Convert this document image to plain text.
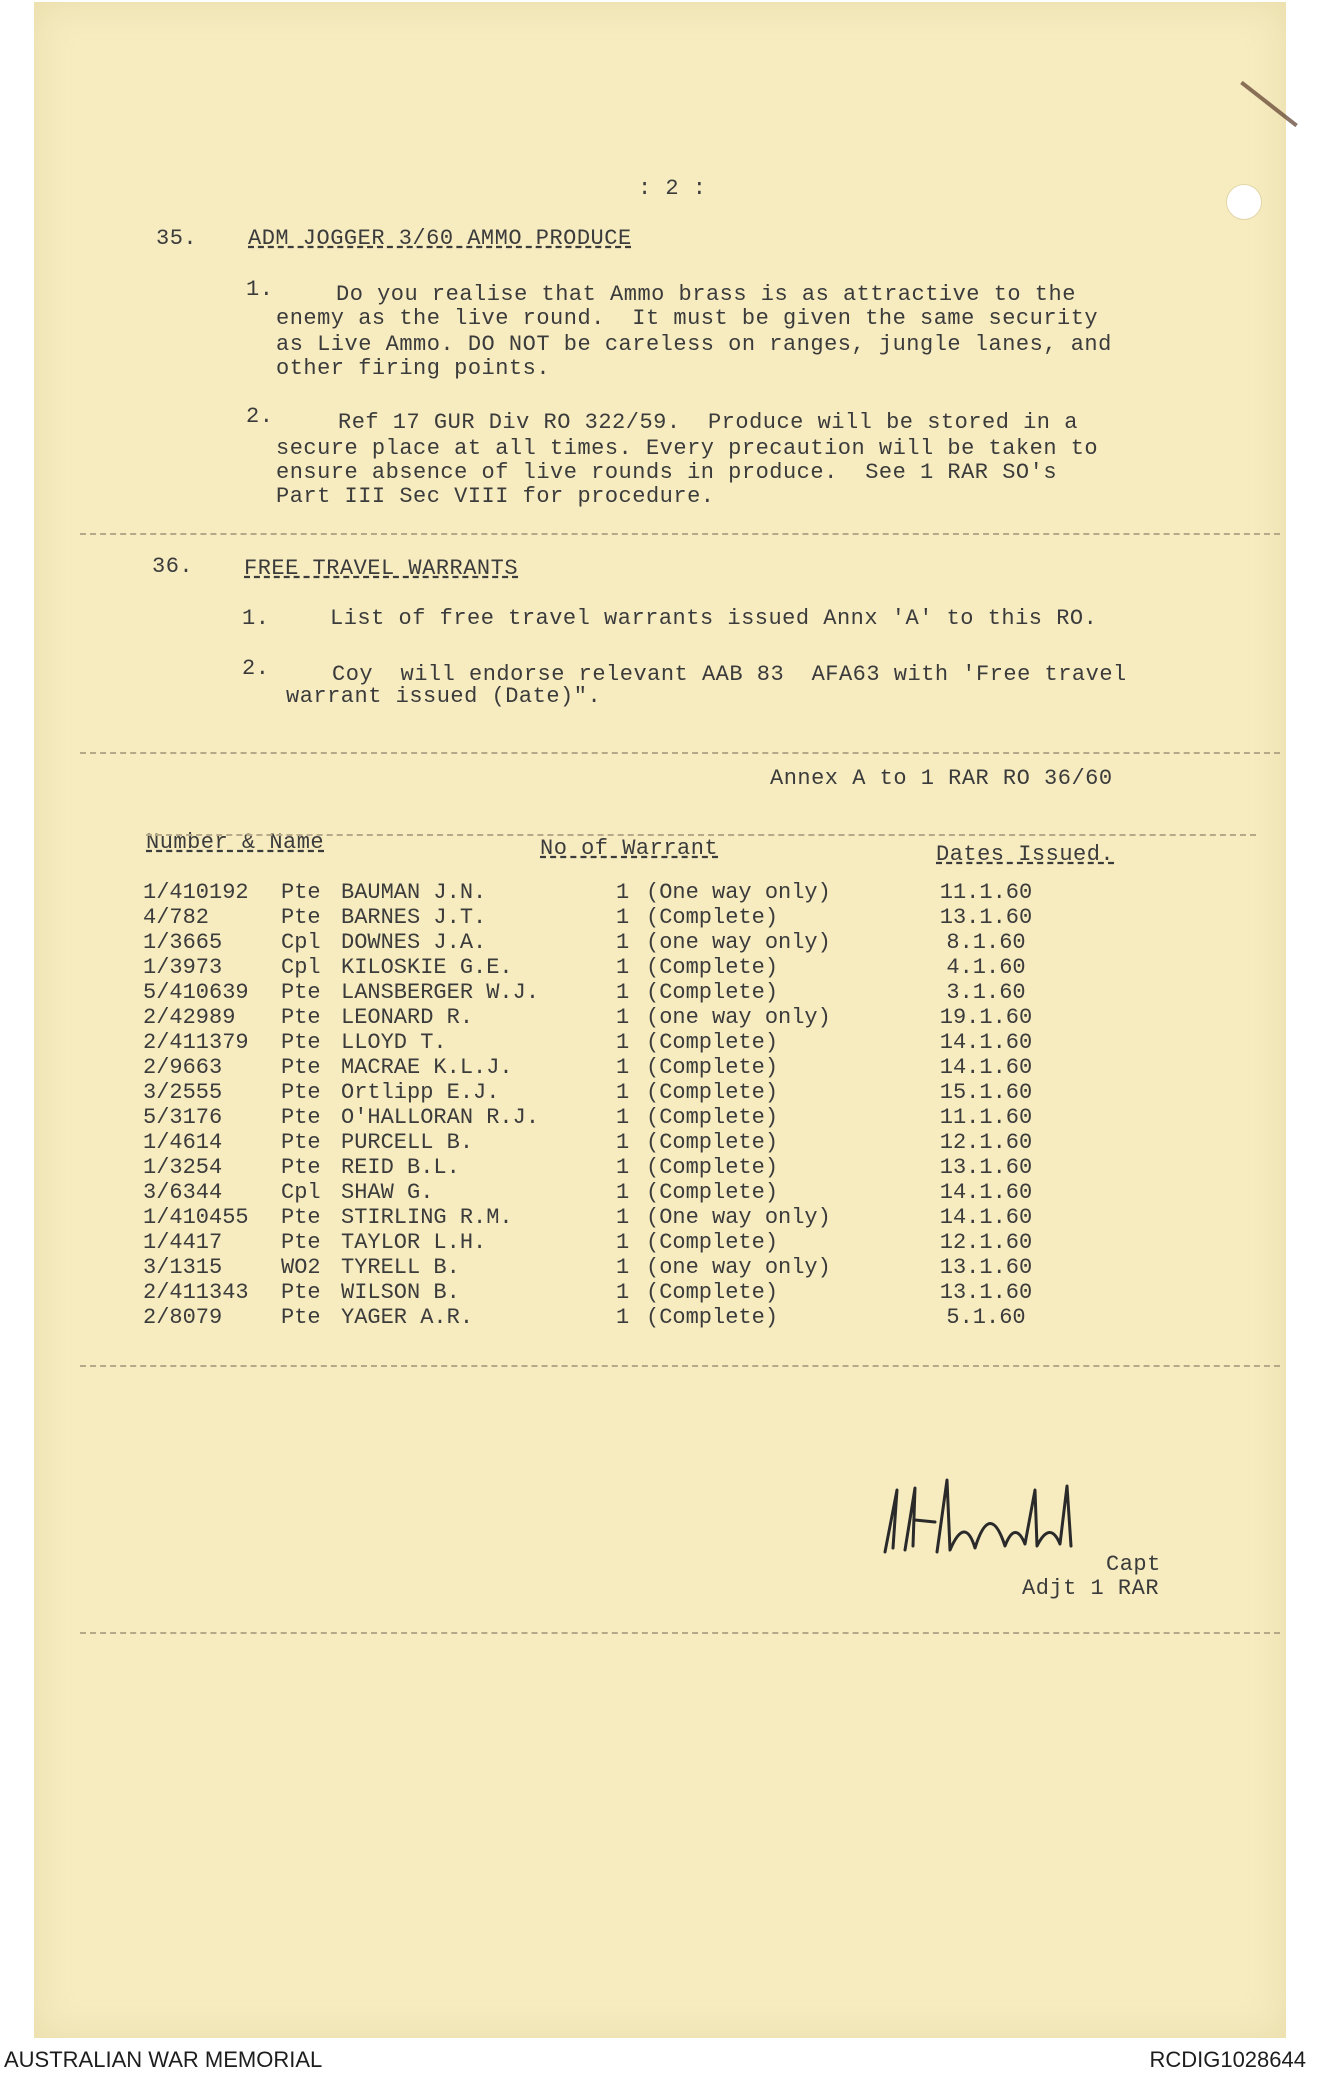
: 2 :
35. ADM JOGGER 3/60 AMMO PRODUCE
1.	Do you realise that Ammo brass is as attractive to the
enemy as the live round.  It must be given the same security
as Live Ammo. DO NOT be careless on ranges, jungle lanes, and
other firing points.
2.	Ref 17 GUR Div RO 322/59.  Produce will be stored in a
secure place at all times. Every precaution will be taken to
ensure absence of live rounds in produce.  See 1 RAR SO's
Part III Sec VIII for procedure.
36. FREE TRAVEL WARRANTS
1.	List of free travel warrants issued Annx 'A' to this RO.
2.	Coy  will endorse relevant AAB 83  AFA63 with 'Free travel
warrant issued (Date)".
Annex A to 1 RAR RO 36/60
Number & Name	No of Warrant	Dates Issued.
1/410192	Pte	BAUMAN J.N.	1	(One way only)	11.1.60
4/782	Pte	BARNES J.T.	1	(Complete)	13.1.60
1/3665	Cpl	DOWNES J.A.	1	(one way only)	8.1.60
1/3973	Cpl	KILOSKIE G.E.	1	(Complete)	4.1.60
5/410639	Pte	LANSBERGER W.J.	1	(Complete)	3.1.60
2/42989	Pte	LEONARD R.	1	(one way only)	19.1.60
2/411379	Pte	LLOYD T.	1	(Complete)	14.1.60
2/9663	Pte	MACRAE K.L.J.	1	(Complete)	14.1.60
3/2555	Pte	Ortlipp E.J.	1	(Complete)	15.1.60
5/3176	Pte	O'HALLORAN R.J.	1	(Complete)	11.1.60
1/4614	Pte	PURCELL B.	1	(Complete)	12.1.60
1/3254	Pte	REID B.L.	1	(Complete)	13.1.60
3/6344	Cpl	SHAW G.	1	(Complete)	14.1.60
1/410455	Pte	STIRLING R.M.	1	(One way only)	14.1.60
1/4417	Pte	TAYLOR L.H.	1	(Complete)	12.1.60
3/1315	WO2	TYRELL B.	1	(one way only)	13.1.60
2/411343	Pte	WILSON B.	1	(Complete)	13.1.60
2/8079	Pte	YAGER A.R.	1	(Complete)	5.1.60
Capt
Adjt 1 RAR
AUSTRALIAN WAR MEMORIAL	RCDIG1028644
